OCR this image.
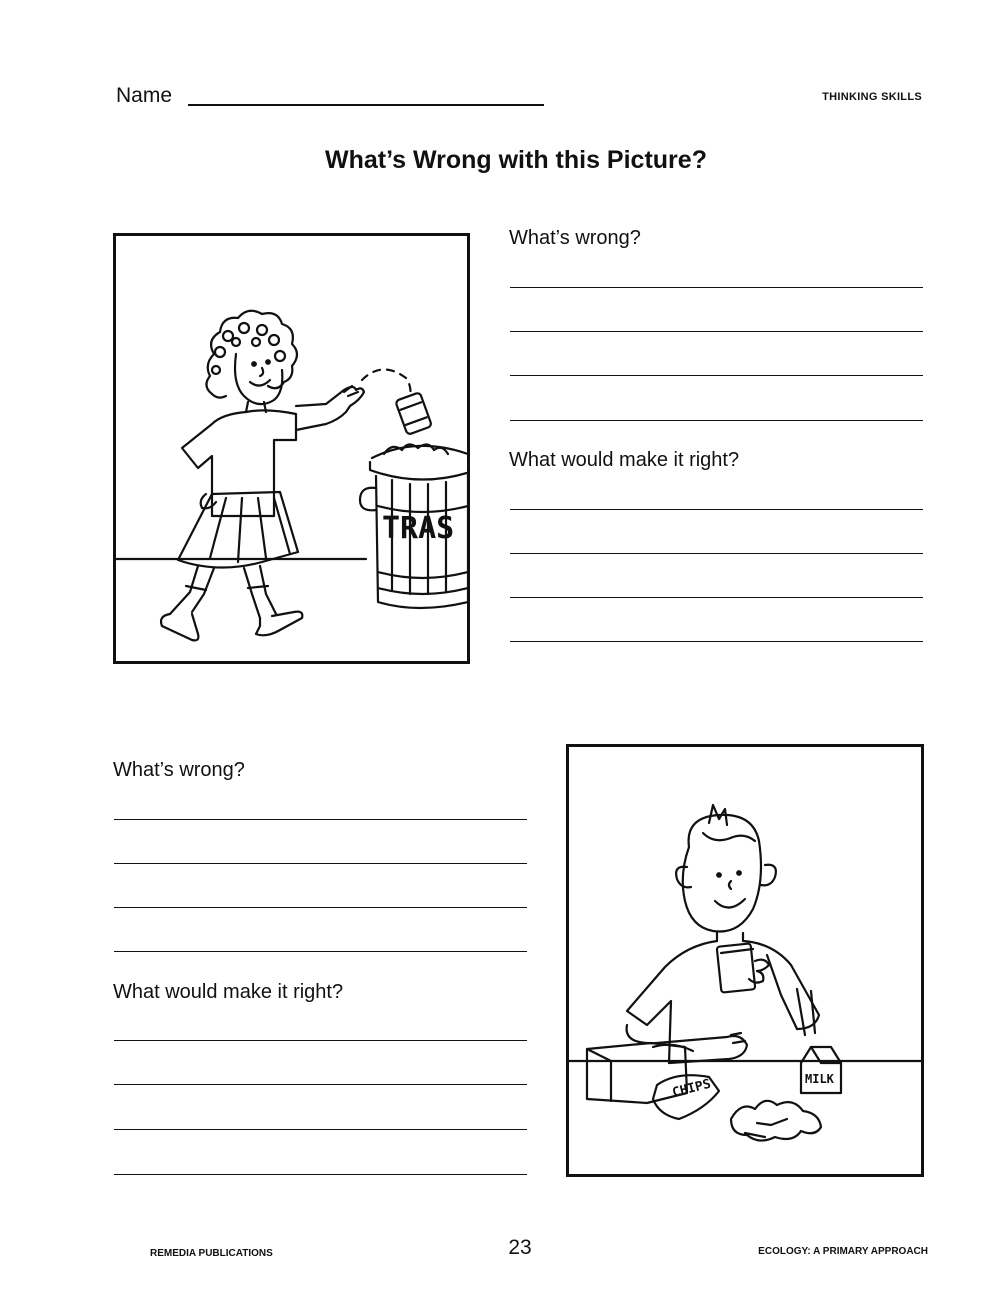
Name	THINKING SKILLS
What’s Wrong with this Picture?
TRAS
What’s wrong?
What would make it right?
What’s wrong?
What would make it right?
CHIPS	MILK
REMEDIA PUBLICATIONS	23	ECOLOGY: A PRIMARY APPROACH
